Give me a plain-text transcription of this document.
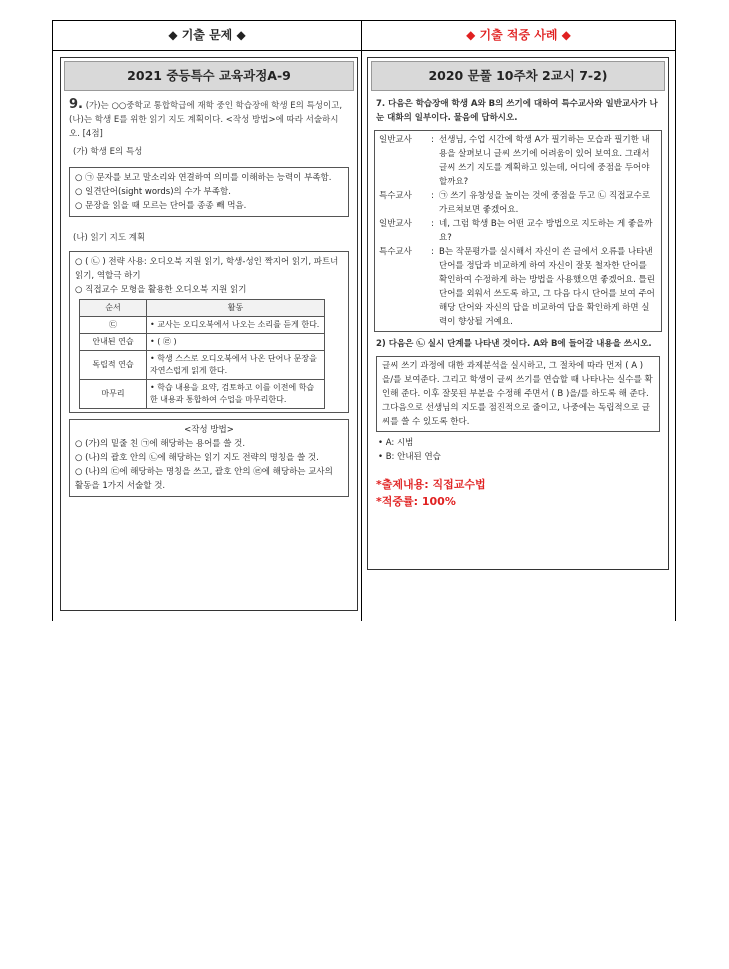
◆ 기출 문제 ◆	◆ 기출 적중 사례 ◆
2021 중등특수 교육과정A-9
9. (가)는 ○○중학교 통합학급에 재학 중인 학습장애 학생 E의 특성이고, (나)는 학생 E를 위한 읽기 지도 계획이다. <작성 방법>에 따라 서술하시오. [4점]
(가) 학생 E의 특성
○ ㉠ 문자를 보고 말소리와 연결하여 의미를 이해하는 능력이 부족함.
○ 일견단어(sight words)의 수가 부족함.
○ 문장을 읽을 때 모르는 단어를 종종 빼 먹음.
(나) 읽기 지도 계획
○ ( ㉡ ) 전략 사용: 오디오북 지원 읽기, 학생-성인 짝지어 읽기, 파트너 읽기, 역할극 하기
○ 직접교수 모형을 활용한 오디오북 지원 읽기
순서	활동
㉢	• 교사는 오디오북에서 나오는 소리를 듣게 한다.
안내된 연습	• ( ㉣ )
독립적 연습	• 학생 스스로 오디오북에서 나온 단어나 문장을 자연스럽게 읽게 한다.
마무리	• 학습 내용을 요약, 검토하고 이를 이전에 학습한 내용과 통합하여 수업을 마무리한다.
<작성 방법>
○ (가)의 밑줄 친 ㉠에 해당하는 용어를 쓸 것.
○ (나)의 괄호 안의 ㉡에 해당하는 읽기 지도 전략의 명칭을 쓸 것.
○ (나)의 ㉢에 해당하는 명칭을 쓰고, 괄호 안의 ㉣에 해당하는 교사의 활동을 1가지 서술할 것.
2020 문풀 10주차 2교시 7-2)
7. 다음은 학습장애 학생 A와 B의 쓰기에 대하여 특수교사와 일반교사가 나눈 대화의 일부이다. 물음에 답하시오.
일반교사	: 선생님, 수업 시간에 학생 A가 필기하는 모습과 필기한 내용을 살펴보니 글씨 쓰기에 어려움이 있어 보여요. 그래서 글씨 쓰기 지도를 계획하고 있는데, 어디에 중점을 두어야 할까요?
특수교사	: ㉠ 쓰기 유창성을 높이는 것에 중점을 두고 ㉡ 직접교수로 가르쳐보면 좋겠어요.
일반교사	: 네, 그럼 학생 B는 어떤 교수 방법으로 지도하는 게 좋을까요?
특수교사	: B는 작문평가를 실시해서 자신이 쓴 글에서 오류를 나타낸 단어를 정답과 비교하게 하여 자신이 잘못 철자한 단어를 확인하여 수정하게 하는 방법을 사용했으면 좋겠어요. 틀린 단어를 외워서 쓰도록 하고, 그 다음 다시 단어를 보여 주어 해당 단어와 자신의 답을 비교하여 답을 확인하게 하면 실력이 향상될 거예요.
2) 다음은 ㉡ 실시 단계를 나타낸 것이다. A와 B에 들어갈 내용을 쓰시오.
글씨 쓰기 과정에 대한 과제분석을 실시하고, 그 절차에 따라 먼저 ( A )을/를 보여준다. 그리고 학생이 글씨 쓰기를 연습할 때 나타나는 실수를 확인해 준다. 이후 잘못된 부분을 수정해 주면서 ( B )을/를 하도록 해 준다. 그다음으로 선생님의 지도를 점진적으로 줄이고, 나중에는 독립적으로 글씨를 쓸 수 있도록 한다.
• A: 시범
• B: 안내된 연습
*출제내용: 직접교수법
*적중률: 100%
